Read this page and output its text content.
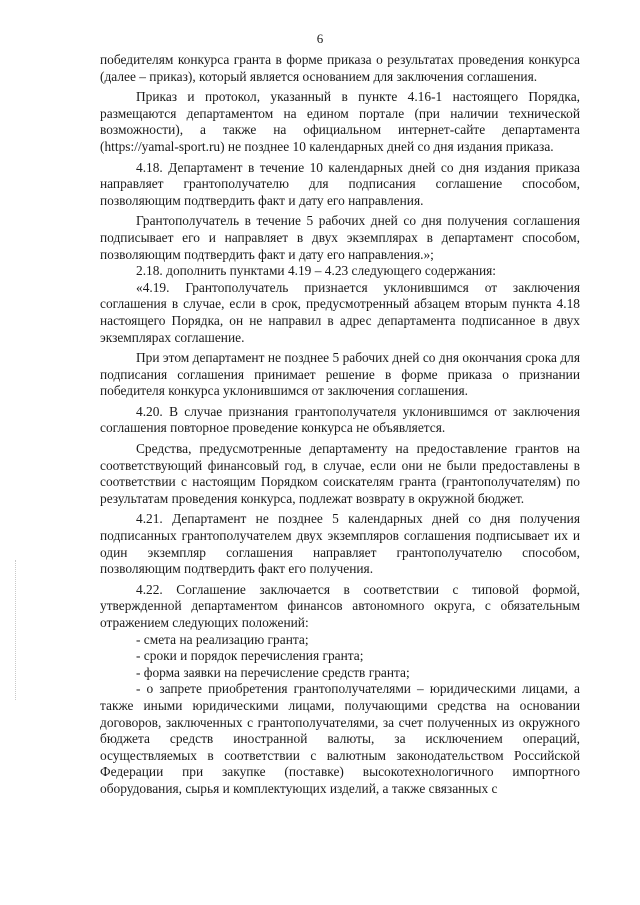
6

победителям конкурса гранта в форме приказа о результатах проведения конкурса (далее – приказ), который является основанием для заключения соглашения.

Приказ и протокол, указанный в пункте 4.16-1 настоящего Порядка, размещаются департаментом на едином портале (при наличии технической возможности), а также на официальном интернет-сайте департамента (https://yamal-sport.ru) не позднее 10 календарных дней со дня издания приказа.

4.18. Департамент в течение 10 календарных дней со дня издания приказа направляет грантополучателю для подписания соглашение способом, позволяющим подтвердить факт и дату его направления.

Грантополучатель в течение 5 рабочих дней со дня получения соглашения подписывает его и направляет в двух экземплярах в департамент способом, позволяющим подтвердить факт и дату его направления.»;

2.18. дополнить пунктами 4.19 – 4.23 следующего содержания:

«4.19. Грантополучатель признается уклонившимся от заключения соглашения в случае, если в срок, предусмотренный абзацем вторым пункта 4.18 настоящего Порядка, он не направил в адрес департамента подписанное в двух экземплярах соглашение.

При этом департамент не позднее 5 рабочих дней со дня окончания срока для подписания соглашения принимает решение в форме приказа о признании победителя конкурса уклонившимся от заключения соглашения.

4.20. В случае признания грантополучателя уклонившимся от заключения соглашения повторное проведение конкурса не объявляется.

Средства, предусмотренные департаменту на предоставление грантов на соответствующий финансовый год, в случае, если они не были предоставлены в соответствии с настоящим Порядком соискателям гранта (грантополучателям) по результатам проведения конкурса, подлежат возврату в окружной бюджет.

4.21. Департамент не позднее 5 календарных дней со дня получения подписанных грантополучателем двух экземпляров соглашения подписывает их и один экземпляр соглашения направляет грантополучателю способом, позволяющим подтвердить факт его получения.

4.22. Соглашение заключается в соответствии с типовой формой, утвержденной департаментом финансов автономного округа, с обязательным отражением следующих положений:

- смета на реализацию гранта;

- сроки и порядок перечисления гранта;

- форма заявки на перечисление средств гранта;

- о запрете приобретения грантополучателями – юридическими лицами, а также иными юридическими лицами, получающими средства на основании договоров, заключенных с грантополучателями, за счет полученных из окружного бюджета средств иностранной валюты, за исключением операций, осуществляемых в соответствии с валютным законодательством Российской Федерации при закупке (поставке) высокотехнологичного импортного оборудования, сырья и комплектующих изделий, а также связанных с
